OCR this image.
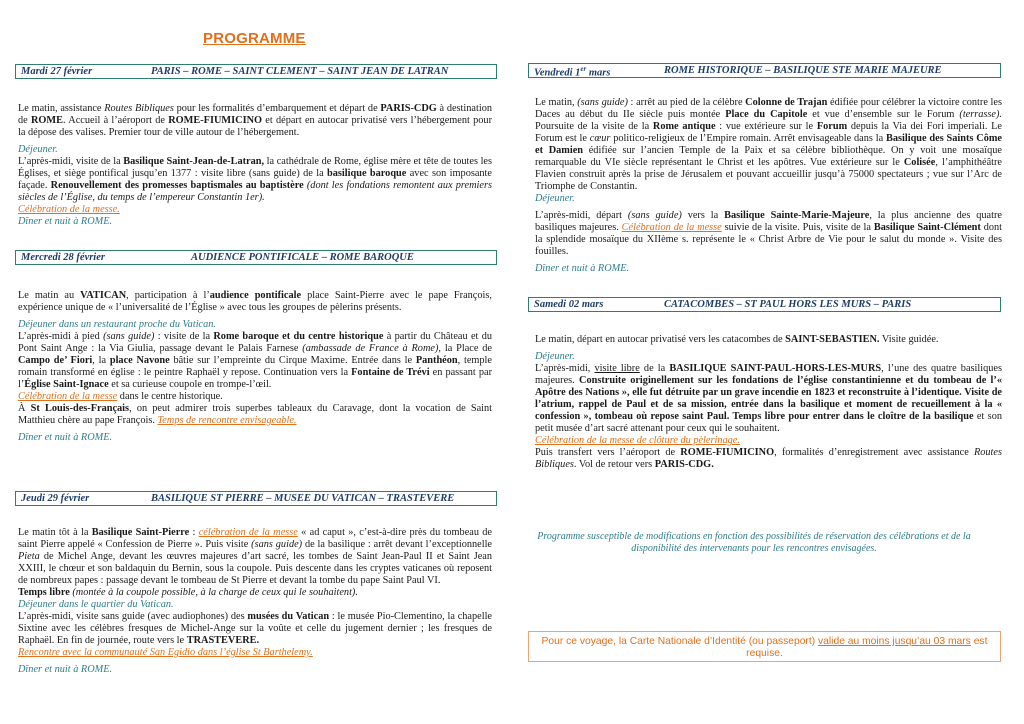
PROGRAMME
Mardi 27 février	PARIS – ROME – SAINT CLEMENT – SAINT JEAN DE LATRAN

Le matin, assistance Routes Bibliques pour les formalités d’embarquement et départ de PARIS-CDG à destination de ROME. Accueil à l’aéroport de ROME-FIUMICINO et départ en autocar privatisé vers l’hébergement pour la dépose des valises. Premier tour de ville autour de l’hébergement.

Déjeuner.

L’après-midi, visite de la Basilique Saint-Jean-de-Latran, la cathédrale de Rome, église mère et tête de toutes les Églises, et siège pontifical jusqu’en 1377 : visite libre (sans guide) de la basilique baroque avec son imposante façade. Renouvellement des promesses baptismales au baptistère (dont les fondations remontent aux premiers siècles de l’Église, du temps de l’empereur Constantin 1er).

Célébration de la messe.

Dîner et nuit à ROME.

Mercredi 28 février	AUDIENCE PONTIFICALE – ROME BAROQUE

Le matin au VATICAN, participation à l’audience pontificale place Saint-Pierre avec le pape François, expérience unique de « l’universalité de l’Église » avec tous les groupes de pèlerins présents.

Déjeuner dans un restaurant proche du Vatican.

L’après-midi à pied (sans guide) : visite de la Rome baroque et du centre historique à partir du Château et du Pont Saint Ange : la Via Giulia, passage devant le Palais Farnese (ambassade de France à Rome), la Place de Campo de’ Fiori, la place Navone bâtie sur l’empreinte du Cirque Maxime. Entrée dans le Panthéon, temple romain transformé en église : le peintre Raphaël y repose. Continuation vers la Fontaine de Trévi en passant par l’Église Saint-Ignace et sa curieuse coupole en trompe-l’œil.

Célébration de la messe dans le centre historique.

À St Louis-des-Français, on peut admirer trois superbes tableaux du Caravage, dont la vocation de Saint Matthieu chère au pape François. Temps de rencontre envisageable.

Dîner et nuit à ROME.

Jeudi 29 février	BASILIQUE ST PIERRE – MUSEE DU VATICAN – TRASTEVERE

Le matin tôt à la Basilique Saint-Pierre : célébration de la messe « ad caput », c’est-à-dire près du tombeau de saint Pierre appelé « Confession de Pierre ». Puis visite (sans guide) de la basilique : arrêt devant l’exceptionnelle Pieta de Michel Ange, devant les œuvres majeures d’art sacré, les tombes de Saint Jean-Paul II et Saint Jean XXIII, le chœur et son baldaquin du Bernin, sous la coupole. Puis descente dans les cryptes vaticanes où reposent de nombreux papes : passage devant le tombeau de St Pierre et devant la tombe du pape Saint Paul VI.

Temps libre (montée à la coupole possible, à la charge de ceux qui le souhaitent).

Déjeuner dans le quartier du Vatican.

L’après-midi, visite sans guide (avec audiophones) des musées du Vatican : le musée Pio-Clementino, la chapelle Sixtine avec les célèbres fresques de Michel-Ange sur la voûte et celle du jugement dernier ; les fresques de Raphaël. En fin de journée, route vers le TRASTEVERE.

Rencontre avec la communauté San Egidio dans l’église St Barthelemy.

Dîner et nuit à ROME.

Vendredi 1er mars	ROME HISTORIQUE – BASILIQUE STE MARIE MAJEURE

Le matin, (sans guide) : arrêt au pied de la célèbre Colonne de Trajan édifiée pour célébrer la victoire contre les Daces au début du IIe siècle puis montée Place du Capitole et vue d’ensemble sur le Forum (terrasse). Poursuite de la visite de la Rome antique : vue extérieure sur le Forum depuis la Via dei Fori imperiali. Le Forum est le cœur politico-religieux de l’Empire romain. Arrêt envisageable dans la Basilique des Saints Côme et Damien édifiée sur l’ancien Temple de la Paix et sa célèbre bibliothèque. On y voit une mosaïque remarquable du VIe siècle représentant le Christ et les apôtres. Vue extérieure sur le Colisée, l’amphithéâtre Flavien construit après la prise de Jérusalem et pouvant accueillir jusqu’à 75000 spectateurs ; vue sur l’Arc de Triomphe de Constantin.

Déjeuner.

L’après-midi, départ (sans guide) vers la Basilique Sainte-Marie-Majeure, la plus ancienne des quatre basiliques majeures. Célébration de la messe suivie de la visite. Puis, visite de la Basilique Saint-Clément dont la splendide mosaïque du XIIème s. représente le « Christ Arbre de Vie pour le salut du monde ». Visite des fouilles.

Dîner et nuit à ROME.

Samedi 02 mars	CATACOMBES – ST PAUL HORS LES MURS – PARIS

Le matin, départ en autocar privatisé vers les catacombes de SAINT-SEBASTIEN. Visite guidée.

Déjeuner.

L’après-midi, visite libre de la BASILIQUE SAINT-PAUL-HORS-LES-MURS, l’une des quatre basiliques majeures. Construite originellement sur les fondations de l’église constantinienne et du tombeau de l’« Apôtre des Nations », elle fut détruite par un grave incendie en 1823 et reconstruite à l’identique. Visite de l’atrium, rappel de Paul et de sa mission, entrée dans la basilique et moment de recueillement à la « confession », tombeau où repose saint Paul. Temps libre pour entrer dans le cloître de la basilique et son petit musée d’art sacré attenant pour ceux qui le souhaitent.

Célébration de la messe de clôture du pèlerinage.

Puis transfert vers l’aéroport de ROME-FIUMICINO, formalités d’enregistrement avec assistance Routes Bibliques. Vol de retour vers PARIS-CDG.

Programme susceptible de modifications en fonction des possibilités de réservation des célébrations et de la disponibilité des intervenants pour les rencontres envisagées.
Pour ce voyage, la Carte Nationale d’Identité (ou passeport) valide au moins jusqu’au 03 mars est requise.
